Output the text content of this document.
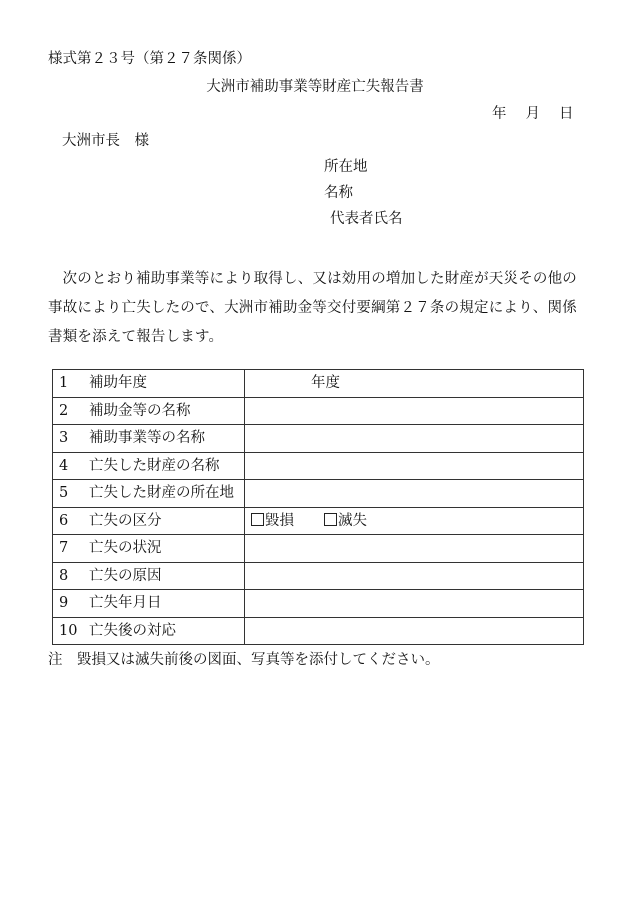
様式第２３号（第２７条関係）
大洲市補助事業等財産亡失報告書
年 月 日
大洲市長　様
所在地
名称
代表者氏名
次のとおり補助事業等により取得し、又は効用の増加した財産が天災その他の事故により亡失したので、大洲市補助金等交付要綱第２７条の規定により、関係書類を添えて報告します。
1 補助年度	年度
2 補助金等の名称	
3 補助事業等の名称	
4 亡失した財産の名称	
5 亡失した財産の所在地	
6 亡失の区分	毀損 滅失
7 亡失の状況	
8 亡失の原因	
9 亡失年月日	
10 亡失後の対応	
注　毀損又は滅失前後の図面、写真等を添付してください。
